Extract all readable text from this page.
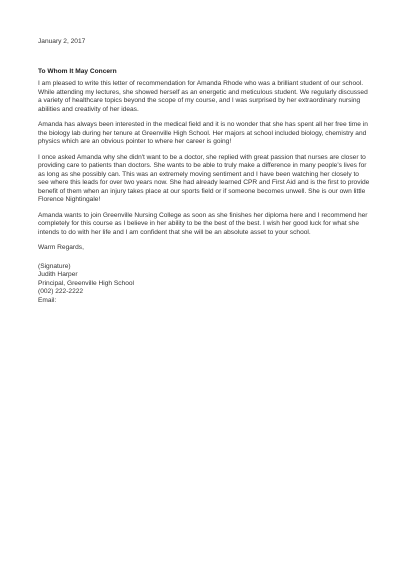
January 2, 2017

To Whom It May Concern

I am pleased to write this letter of recommendation for Amanda Rhode who was a brilliant student of our school. While attending my lectures, she showed herself as an energetic and meticulous student. We regularly discussed a variety of healthcare topics beyond the scope of my course, and I was surprised by her extraordinary nursing abilities and creativity of her ideas.

Amanda has always been interested in the medical field and it is no wonder that she has spent all her free time in the biology lab during her tenure at Greenville High School. Her majors at school included biology, chemistry and physics which are an obvious pointer to where her career is going!

I once asked Amanda why she didn't want to be a doctor, she replied with great passion that nurses are closer to providing care to patients than doctors. She wants to be able to truly make a difference in many people's lives for as long as she possibly can. This was an extremely moving sentiment and I have been watching her closely to see where this leads for over two years now. She had already learned CPR and First Aid and is the first to provide benefit of them when an injury takes place at our sports field or if someone becomes unwell. She is our own little Florence Nightingale!

Amanda wants to join Greenville Nursing College as soon as she finishes her diploma here and I recommend her completely for this course as I believe in her ability to be the best of the best. I wish her good luck for what she intends to do with her life and I am confident that she will be an absolute asset to your school.

Warm Regards,

(Signature)

Judith Harper

Principal, Greenville High School

(002) 222-2222

Email:
